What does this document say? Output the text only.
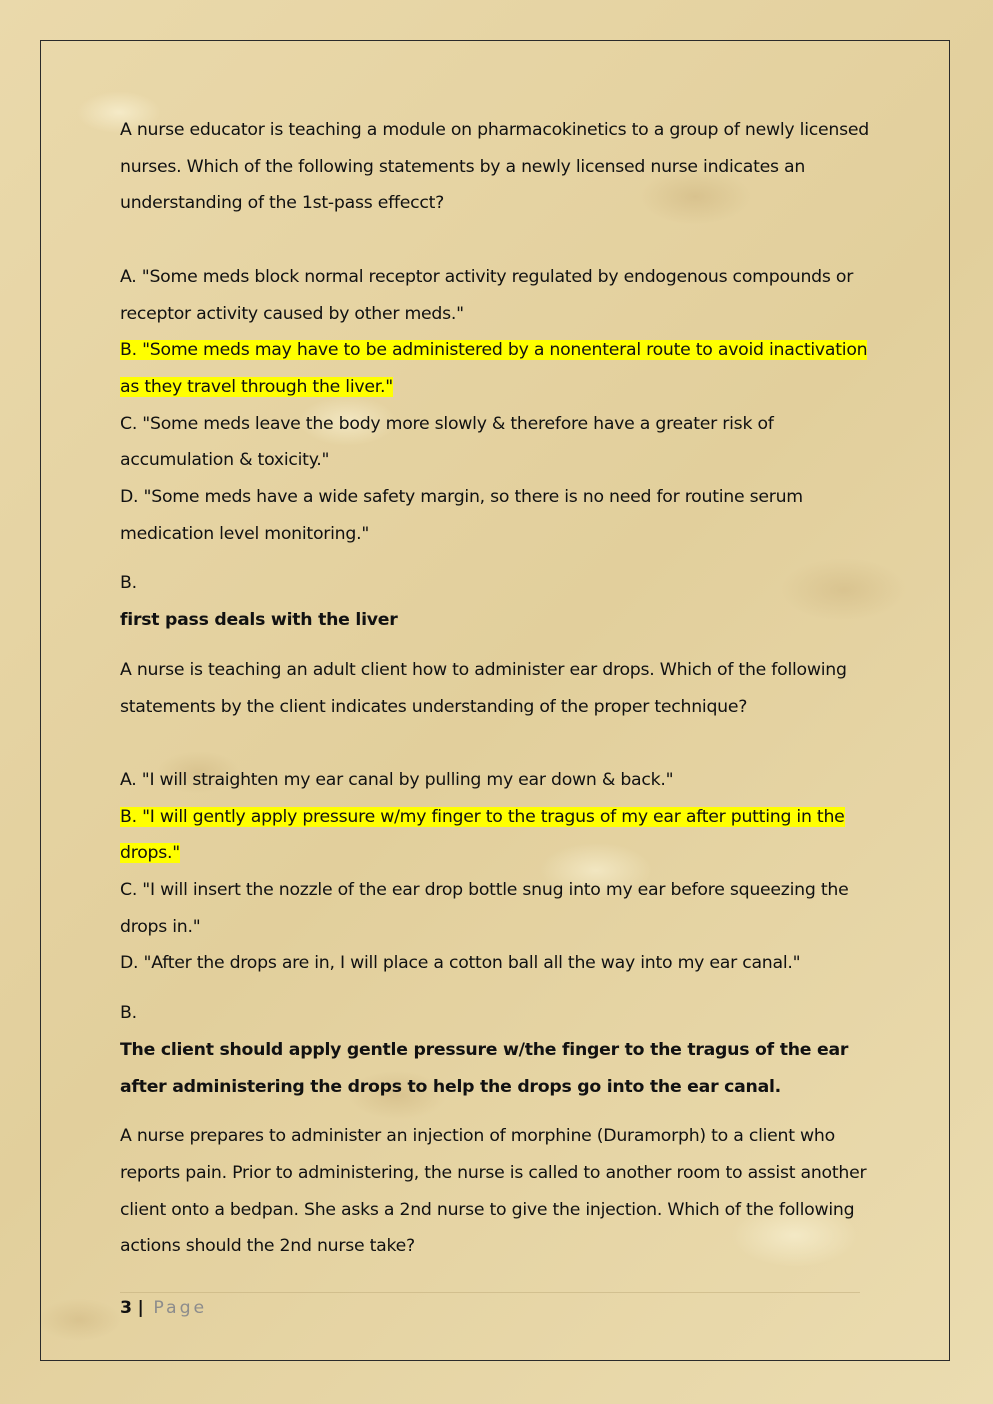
A nurse educator is teaching a module on pharmacokinetics to a group of newly licensed nurses. Which of the following statements by a newly licensed nurse indicates an understanding of the 1st-pass effecct?

A. "Some meds block normal receptor activity regulated by endogenous compounds or receptor activity caused by other meds."

B. "Some meds may have to be administered by a nonenteral route to avoid inactivation as they travel through the liver."

C. "Some meds leave the body more slowly & therefore have a greater risk of accumulation & toxicity."

D. "Some meds have a wide safety margin, so there is no need for routine serum medication level monitoring."

B.

first pass deals with the liver

A nurse is teaching an adult client how to administer ear drops. Which of the following statements by the client indicates understanding of the proper technique?

A. "I will straighten my ear canal by pulling my ear down & back."

B. "I will gently apply pressure w/my finger to the tragus of my ear after putting in the drops."

C. "I will insert the nozzle of the ear drop bottle snug into my ear before squeezing the drops in."

D. "After the drops are in, I will place a cotton ball all the way into my ear canal."

B.

The client should apply gentle pressure w/the finger to the tragus of the ear after administering the drops to help the drops go into the ear canal.

A nurse prepares to administer an injection of morphine (Duramorph) to a client who reports pain. Prior to administering, the nurse is called to another room to assist another client onto a bedpan. She asks a 2nd nurse to give the injection. Which of the following actions should the 2nd nurse take?

3 | Page
